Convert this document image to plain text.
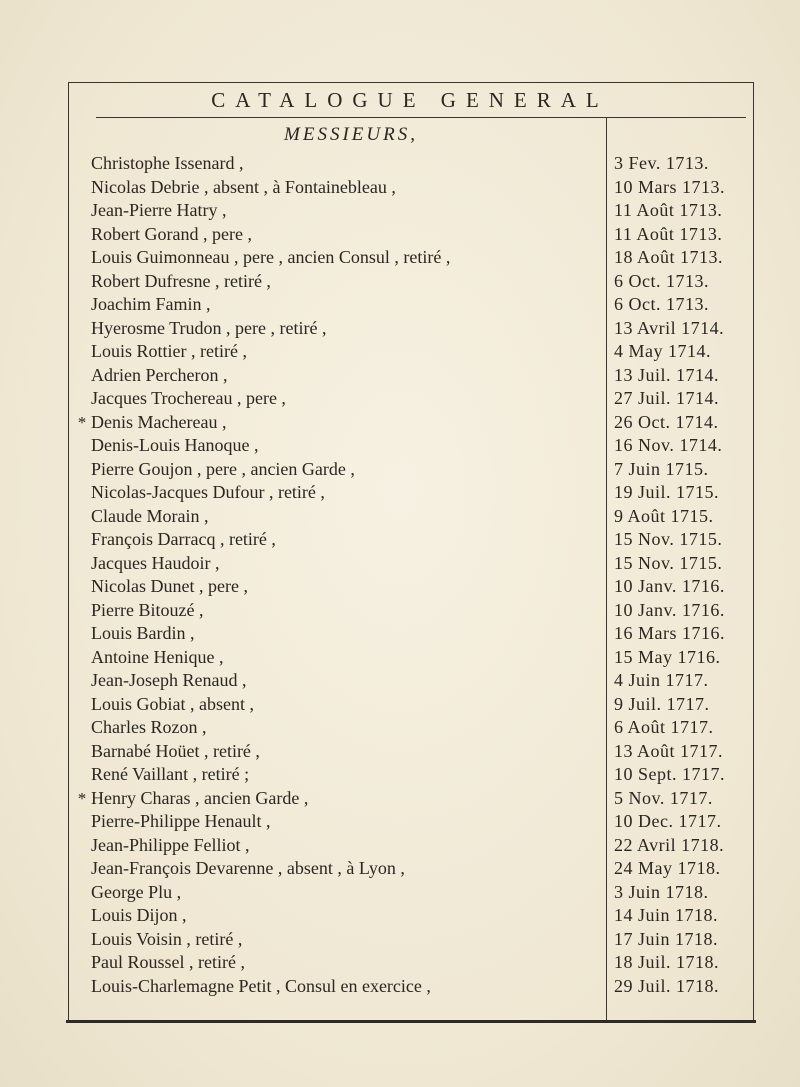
CATALOGUE GENERAL
MESSIEURS,
Christophe Issenard ,	3 Fev. 1713.
Nicolas Debrie , absent , à Fontainebleau ,	10 Mars 1713.
Jean-Pierre Hatry ,	11 Août 1713.
Robert Gorand , pere ,	11 Août 1713.
Louis Guimonneau , pere , ancien Consul , retiré ,	18 Août 1713.
Robert Dufresne , retiré ,	6 Oct. 1713.
Joachim Famin ,	6 Oct. 1713.
Hyerosme Trudon , pere , retiré ,	13 Avril 1714.
Louis Rottier , retiré ,	4 May 1714.
Adrien Percheron ,	13 Juil. 1714.
Jacques Trochereau , pere ,	27 Juil. 1714.
* Denis Machereau ,	26 Oct. 1714.
Denis-Louis Hanoque ,	16 Nov. 1714.
Pierre Goujon , pere , ancien Garde ,	7 Juin 1715.
Nicolas-Jacques Dufour , retiré ,	19 Juil. 1715.
Claude Morain ,	9 Août 1715.
François Darracq , retiré ,	15 Nov. 1715.
Jacques Haudoir ,	15 Nov. 1715.
Nicolas Dunet , pere ,	10 Janv. 1716.
Pierre Bitouzé ,	10 Janv. 1716.
Louis Bardin ,	16 Mars 1716.
Antoine Henique ,	15 May 1716.
Jean-Joseph Renaud ,	4 Juin 1717.
Louis Gobiat , absent ,	9 Juil. 1717.
Charles Rozon ,	6 Août 1717.
Barnabé Hoüet , retiré ,	13 Août 1717.
René Vaillant , retiré ;	10 Sept. 1717.
* Henry Charas , ancien Garde ,	5 Nov. 1717.
Pierre-Philippe Henault ,	10 Dec. 1717.
Jean-Philippe Felliot ,	22 Avril 1718.
Jean-François Devarenne , absent , à Lyon ,	24 May 1718.
George Plu ,	3 Juin 1718.
Louis Dijon ,	14 Juin 1718.
Louis Voisin , retiré ,	17 Juin 1718.
Paul Roussel , retiré ,	18 Juil. 1718.
Louis-Charlemagne Petit , Consul en exercice ,	29 Juil. 1718.
